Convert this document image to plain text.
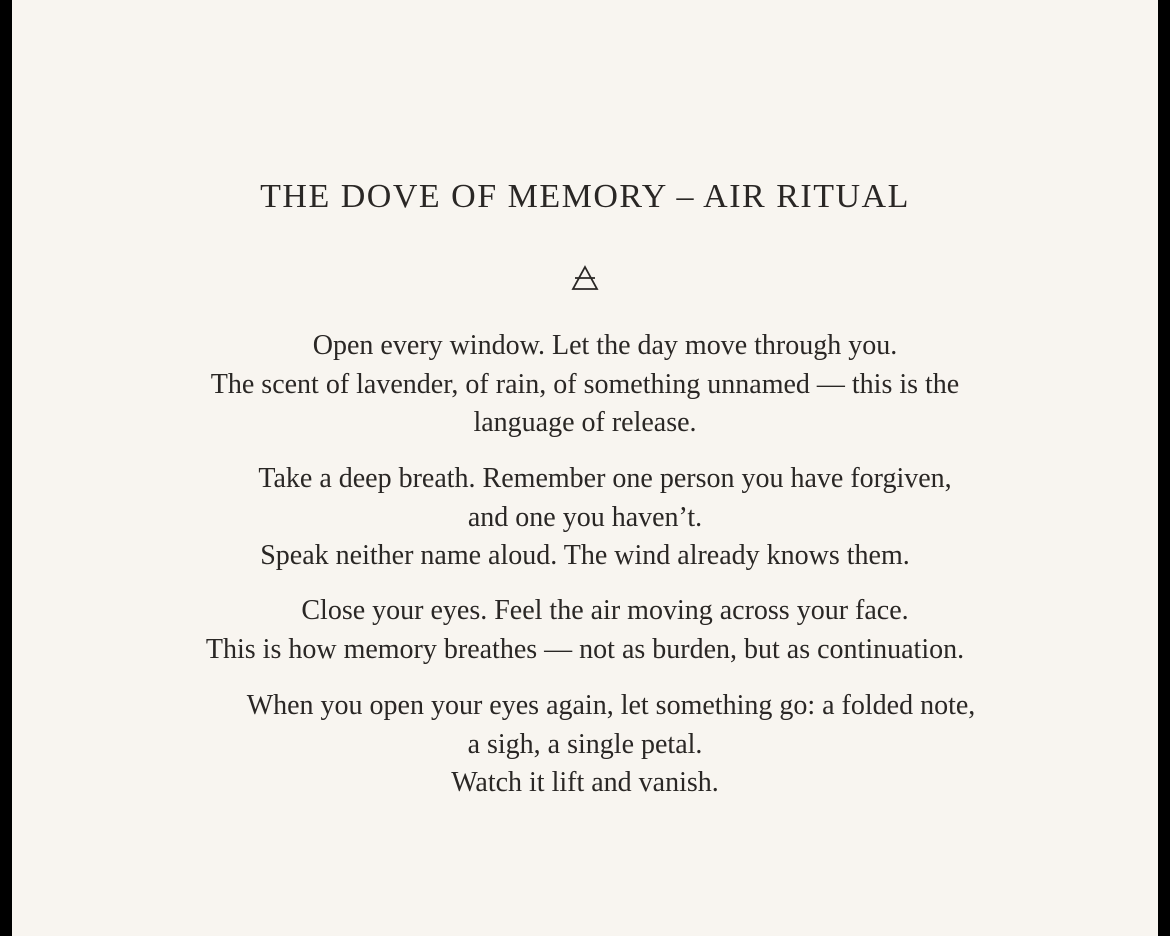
THE DOVE OF MEMORY – AIR RITUAL
Open every window. Let the day move through you.
The scent of lavender, of rain, of something unnamed — this is the
language of release.
Take a deep breath. Remember one person you have forgiven,
and one you haven’t.
Speak neither name aloud. The wind already knows them.
Close your eyes. Feel the air moving across your face.
This is how memory breathes — not as burden, but as continuation.
When you open your eyes again, let something go: a folded note,
a sigh, a single petal.
Watch it lift and vanish.
